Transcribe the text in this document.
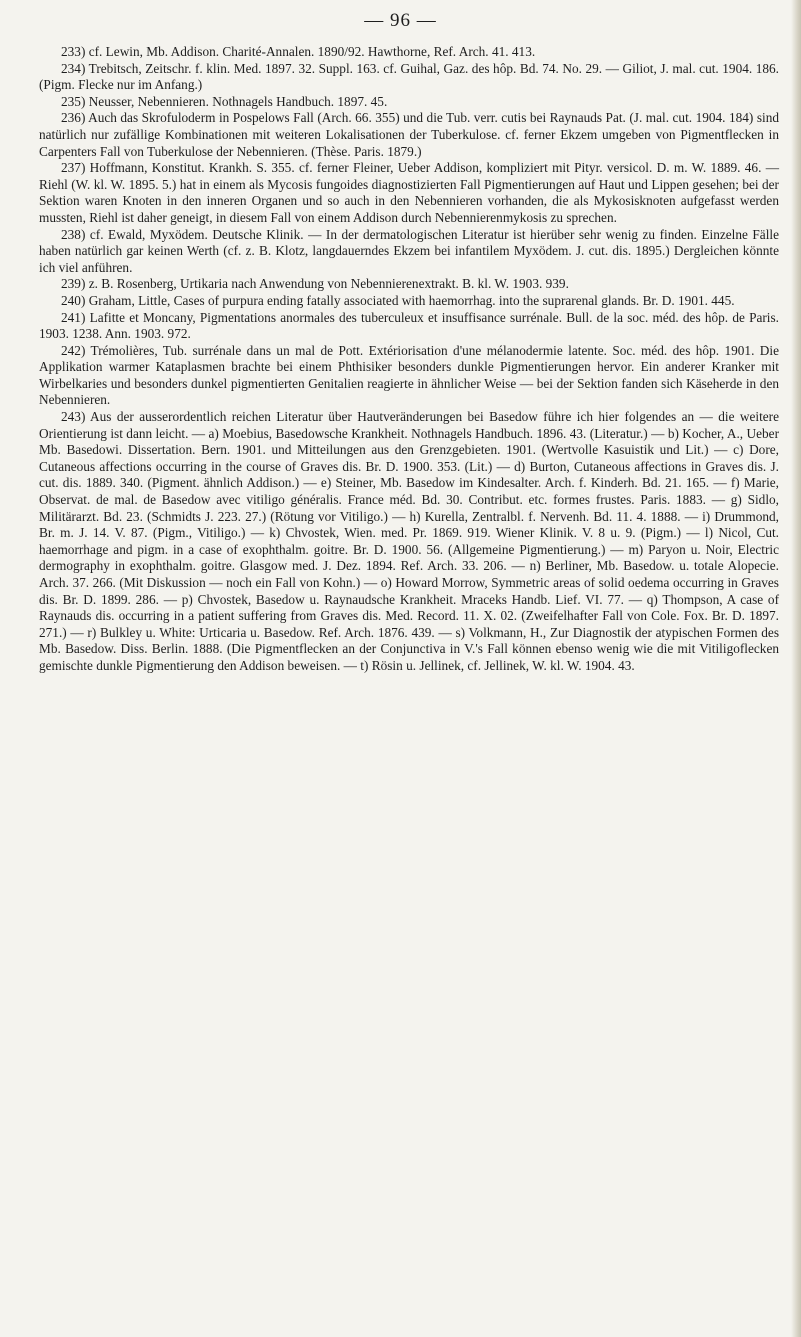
— 96 —

233) cf. Lewin, Mb. Addison. Charité-Annalen. 1890/92. Hawthorne, Ref. Arch. 41. 413.

234) Trebitsch, Zeitschr. f. klin. Med. 1897. 32. Suppl. 163. cf. Guihal, Gaz. des hôp. Bd. 74. No. 29. — Giliot, J. mal. cut. 1904. 186. (Pigm. Flecke nur im Anfang.)

235) Neusser, Nebennieren. Nothnagels Handbuch. 1897. 45.

236) Auch das Skrofuloderm in Pospelows Fall (Arch. 66. 355) und die Tub. verr. cutis bei Raynauds Pat. (J. mal. cut. 1904. 184) sind natürlich nur zufällige Kombinationen mit weiteren Lokalisationen der Tuberkulose. cf. ferner Ekzem umgeben von Pigmentflecken in Carpenters Fall von Tuberkulose der Nebennieren. (Thèse. Paris. 1879.)

237) Hoffmann, Konstitut. Krankh. S. 355. cf. ferner Fleiner, Ueber Addison, kompliziert mit Pityr. versicol. D. m. W. 1889. 46. — Riehl (W. kl. W. 1895. 5.) hat in einem als Mycosis fungoides diagnostizierten Fall Pigmentierungen auf Haut und Lippen gesehen; bei der Sektion waren Knoten in den inneren Organen und so auch in den Nebennieren vorhanden, die als Mykosisknoten aufgefasst werden mussten, Riehl ist daher geneigt, in diesem Fall von einem Addison durch Nebennierenmykosis zu sprechen.

238) cf. Ewald, Myxödem. Deutsche Klinik. — In der dermatologischen Literatur ist hierüber sehr wenig zu finden. Einzelne Fälle haben natürlich gar keinen Werth (cf. z. B. Klotz, langdauerndes Ekzem bei infantilem Myxödem. J. cut. dis. 1895.) Dergleichen könnte ich viel anführen.

239) z. B. Rosenberg, Urtikaria nach Anwendung von Nebennierenextrakt. B. kl. W. 1903. 939.

240) Graham, Little, Cases of purpura ending fatally associated with haemorrhag. into the suprarenal glands. Br. D. 1901. 445.

241) Lafitte et Moncany, Pigmentations anormales des tuberculeux et insuffisance surrénale. Bull. de la soc. méd. des hôp. de Paris. 1903. 1238. Ann. 1903. 972.

242) Trémolières, Tub. surrénale dans un mal de Pott. Extériorisation d'une mélanodermie latente. Soc. méd. des hôp. 1901. Die Applikation warmer Kataplasmen brachte bei einem Phthisiker besonders dunkle Pigmentierungen hervor. Ein anderer Kranker mit Wirbelkaries und besonders dunkel pigmentierten Genitalien reagierte in ähnlicher Weise — bei der Sektion fanden sich Käseherde in den Nebennieren.

243) Aus der ausserordentlich reichen Literatur über Hautveränderungen bei Basedow führe ich hier folgendes an — die weitere Orientierung ist dann leicht. — a) Moebius, Basedowsche Krankheit. Nothnagels Handbuch. 1896. 43. (Literatur.) — b) Kocher, A., Ueber Mb. Basedowi. Dissertation. Bern. 1901. und Mitteilungen aus den Grenzgebieten. 1901. (Wertvolle Kasuistik und Lit.) — c) Dore, Cutaneous affections occurring in the course of Graves dis. Br. D. 1900. 353. (Lit.) — d) Burton, Cutaneous affections in Graves dis. J. cut. dis. 1889. 340. (Pigment. ähnlich Addison.) — e) Steiner, Mb. Basedow im Kindesalter. Arch. f. Kinderh. Bd. 21. 165. — f) Marie, Observat. de mal. de Basedow avec vitiligo généralis. France méd. Bd. 30. Contribut. etc. formes frustes. Paris. 1883. — g) Sidlo, Militärarzt. Bd. 23. (Schmidts J. 223. 27.) (Rötung vor Vitiligo.) — h) Kurella, Zentralbl. f. Nervenh. Bd. 11. 4. 1888. — i) Drummond, Br. m. J. 14. V. 87. (Pigm., Vitiligo.) — k) Chvostek, Wien. med. Pr. 1869. 919. Wiener Klinik. V. 8 u. 9. (Pigm.) — l) Nicol, Cut. haemorrhage and pigm. in a case of exophthalm. goitre. Br. D. 1900. 56. (Allgemeine Pigmentierung.) — m) Paryon u. Noir, Electric dermography in exophthalm. goitre. Glasgow med. J. Dez. 1894. Ref. Arch. 33. 206. — n) Berliner, Mb. Basedow. u. totale Alopecie. Arch. 37. 266. (Mit Diskussion — noch ein Fall von Kohn.) — o) Howard Morrow, Symmetric areas of solid oedema occurring in Graves dis. Br. D. 1899. 286. — p) Chvostek, Basedow u. Raynaudsche Krankheit. Mraceks Handb. Lief. VI. 77. — q) Thompson, A case of Raynauds dis. occurring in a patient suffering from Graves dis. Med. Record. 11. X. 02. (Zweifelhafter Fall von Cole. Fox. Br. D. 1897. 271.) — r) Bulkley u. White: Urticaria u. Basedow. Ref. Arch. 1876. 439. — s) Volkmann, H., Zur Diagnostik der atypischen Formen des Mb. Basedow. Diss. Berlin. 1888. (Die Pigmentflecken an der Conjunctiva in V.'s Fall können ebenso wenig wie die mit Vitiligoflecken gemischte dunkle Pigmentierung den Addison beweisen. — t) Rösin u. Jellinek, cf. Jellinek, W. kl. W. 1904. 43.
